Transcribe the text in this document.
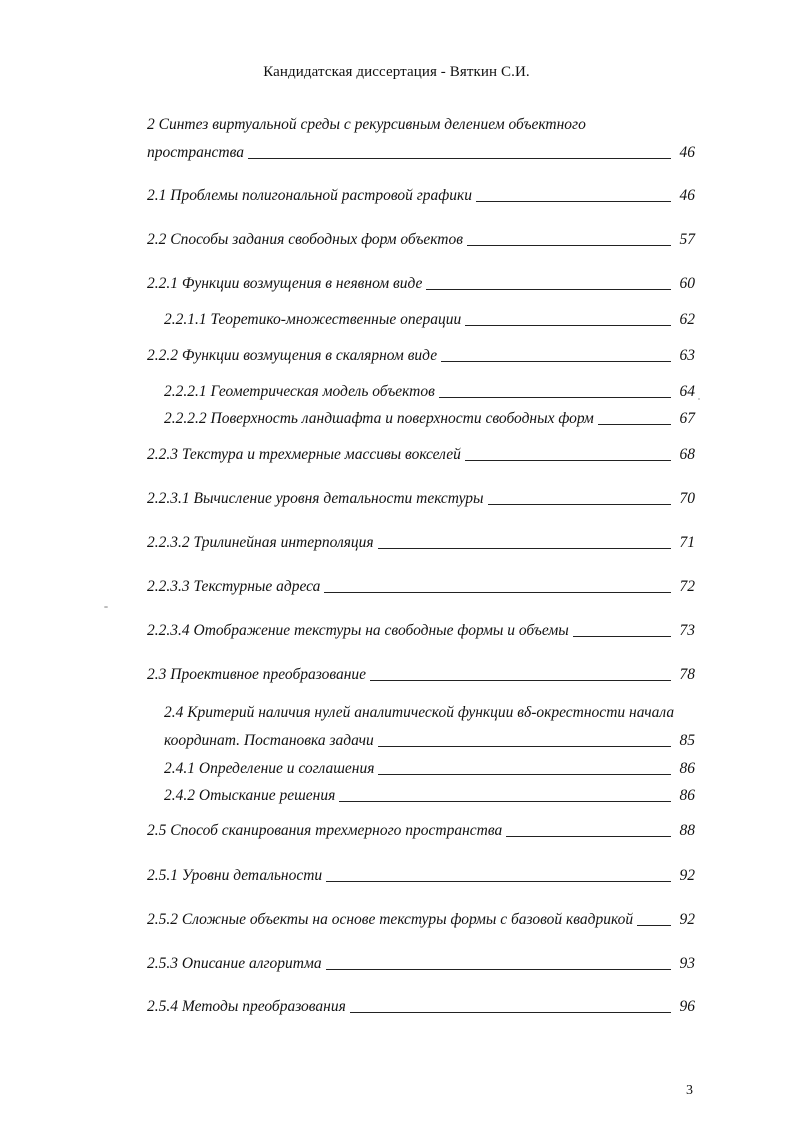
Кандидатская диссертация - Вяткин С.И.
2 Синтез виртуальной среды с рекурсивным делением объектного
пространства	46
2.1 Проблемы полигональной растровой графики	46
2.2 Способы задания свободных форм объектов	57
2.2.1 Функции возмущения в неявном виде	60
2.2.1.1 Теоретико-множественные операции	62
2.2.2 Функции возмущения в скалярном виде	63
2.2.2.1 Геометрическая модель объектов	64
2.2.2.2 Поверхность ландшафта и поверхности свободных форм	67
2.2.3 Текстура и трехмерные массивы вокселей	68
2.2.3.1 Вычисление уровня детальности текстуры	70
2.2.3.2 Трилинейная интерполяция	71
2.2.3.3 Текстурные адреса	72
2.2.3.4 Отображение текстуры на свободные формы и объемы	73
2.3 Проективное преобразование	78
2.4 Критерий наличия нулей аналитической функции вδ-окрестности начала
координат. Постановка задачи	85
2.4.1 Определение и соглашения	86
2.4.2 Отыскание решения	86
2.5 Способ сканирования трехмерного пространства	88
2.5.1 Уровни детальности	92
2.5.2 Сложные объекты на основе текстуры формы с базовой квадрикой	92
2.5.3 Описание алгоритма	93
2.5.4 Методы преобразования	96
3
